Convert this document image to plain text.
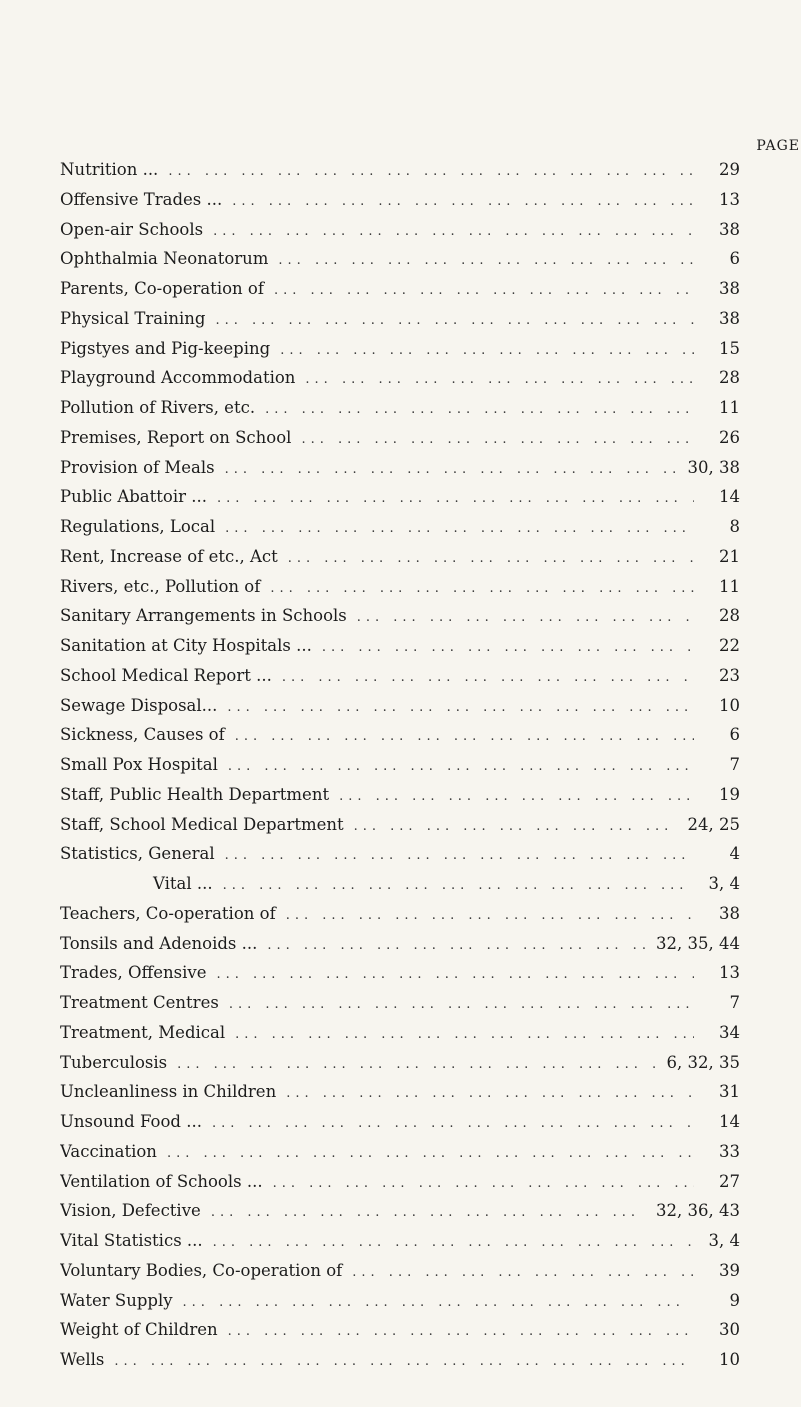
PAGE
Nutrition ... ... .	29
Offensive Trades ... ... .	13
Open-air Schools ... .	38
Ophthalmia Neonatorum ... .	6
Parents, Co-operation of ... .	38
Physical Training ... .	38
Pigstyes and Pig-keeping ... .	15
Playground Accommodation ... .	28
Pollution of Rivers, etc. ... .	11
Premises, Report on School ... .	26
Provision of Meals ... .	30, 38
Public Abattoir ... ... .	14
Regulations, Local ... .	8
Rent, Increase of etc., Act ... .	21
Rivers, etc., Pollution of ... .	11
Sanitary Arrangements in Schools ... .	28
Sanitation at City Hospitals ... ... .	22
School Medical Report ... ... .	23
Sewage Disposal... ... .	10
Sickness, Causes of ... .	6
Small Pox Hospital ... .	7
Staff, Public Health Department ... .	19
Staff, School Medical Department ... .	24, 25
Statistics, General ... .	4
Vital ... ... .	3, 4
Teachers, Co-operation of ... .	38
Tonsils and Adenoids ... ... .	32, 35, 44
Trades, Offensive ... .	13
Treatment Centres ... .	7
Treatment, Medical ... .	34
Tuberculosis ... .	6, 32, 35
Uncleanliness in Children ... .	31
Unsound Food ... ... .	14
Vaccination ... .	33
Ventilation of Schools ... ... .	27
Vision, Defective ... .	32, 36, 43
Vital Statistics ... ... .	3, 4
Voluntary Bodies, Co-operation of ... .	39
Water Supply ... .	9
Weight of Children ... .	30
Wells ... .	10
